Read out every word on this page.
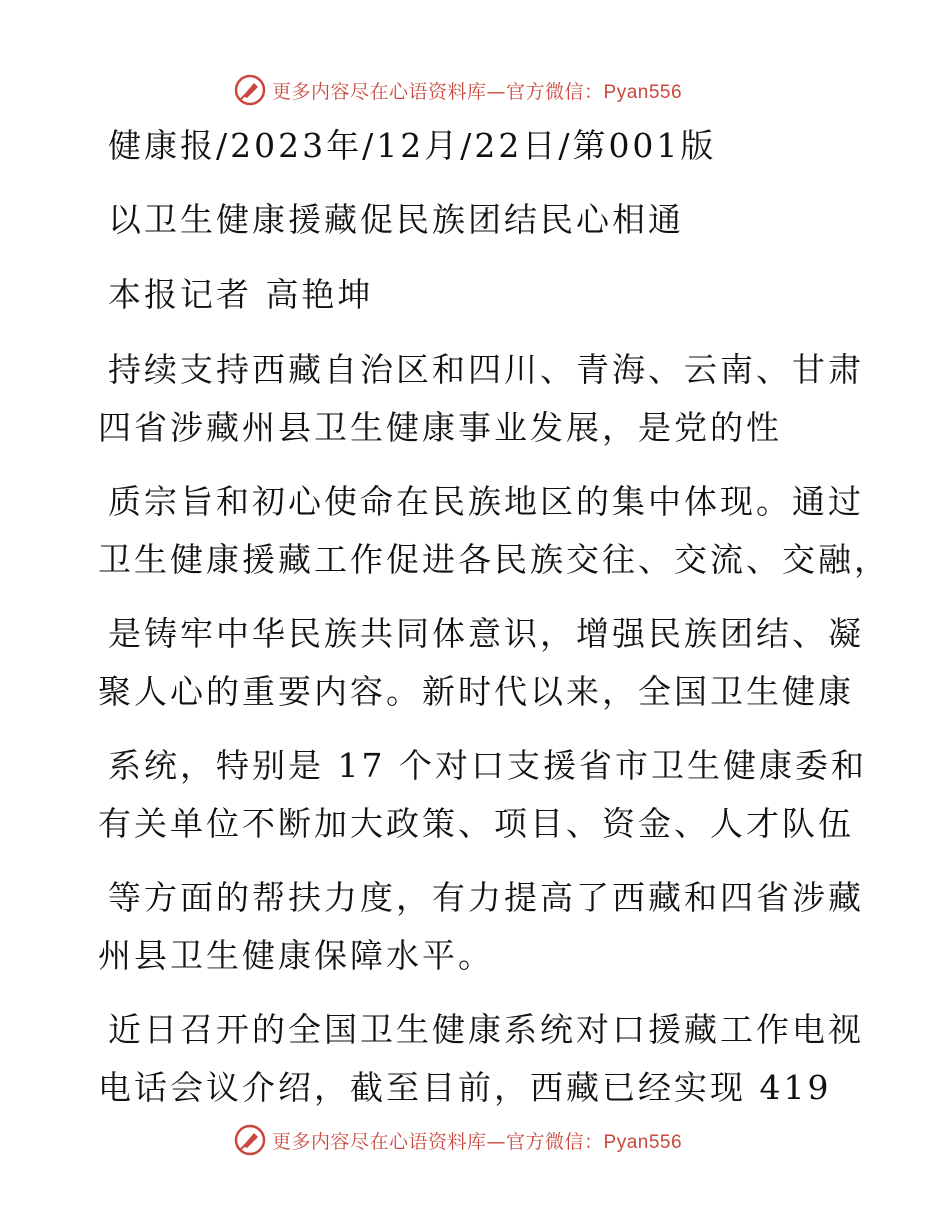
更多内容尽在心语资料库—官方微信：Pyan556
健康报/2023年/12月/22日/第001版
以卫生健康援藏促民族团结民心相通
本报记者 高艳坤
持续支持西藏自治区和四川、青海、云南、甘肃
四省涉藏州县卫生健康事业发展，是党的性
质宗旨和初心使命在民族地区的集中体现。通过
卫生健康援藏工作促进各民族交往、交流、交融，
是铸牢中华民族共同体意识，增强民族团结、凝
聚人心的重要内容。新时代以来，全国卫生健康
系统，特别是 17 个对口支援省市卫生健康委和
有关单位不断加大政策、项目、资金、人才队伍
等方面的帮扶力度，有力提高了西藏和四省涉藏
州县卫生健康保障水平。
近日召开的全国卫生健康系统对口援藏工作电视
电话会议介绍，截至目前，西藏已经实现 419
更多内容尽在心语资料库—官方微信：Pyan556
